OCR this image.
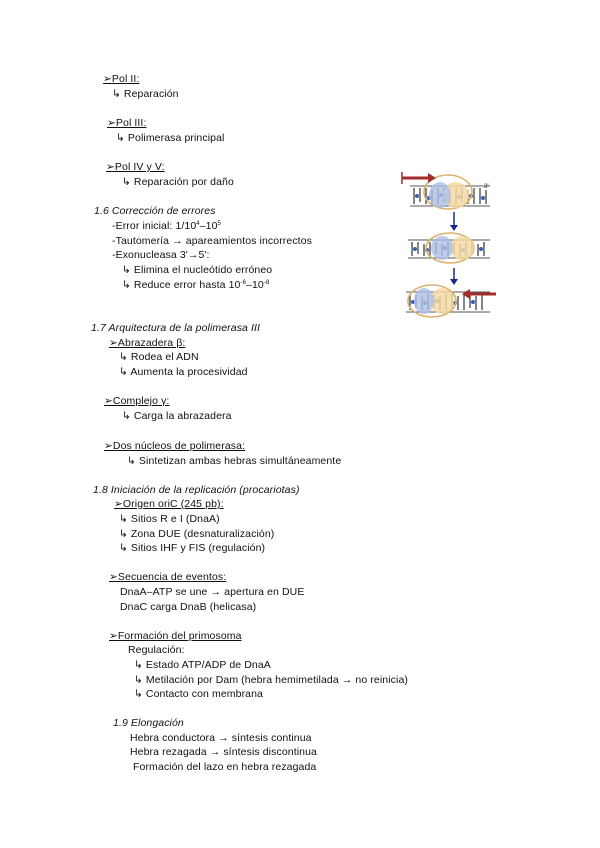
➢Pol II:
↳ Reparación
➢Pol III:
↳ Polimerasa principal
➢Pol IV y V:
↳ Reparación por daño
1.6 Corrección de errores
-Error inicial: $1/10^4-10^5$
-Tautomería → apareamientos incorrectos
-Exonucleasa 3'→5':
↳ Elimina el nucleótido erróneo
↳ Reduce error hasta $10^{-6}-10^{-8}$
3'
1.7 Arquitectura de la polimerasa III
➢Abrazadera β:
↳ Rodea el ADN
↳ Aumenta la procesividad
➢Complejo γ:
↳ Carga la abrazadera
➢Dos núcleos de polimerasa:
↳ Sintetizan ambas hebras simultáneamente
1.8 Iniciación de la replicación (procariotas)
➢Origen oriC (245 pb):
↳ Sitios R e I (DnaA)
↳ Zona DUE (desnaturalización)
↳ Sitios IHF y FIS (regulación)
➢Secuencia de eventos:
DnaA–ATP se une → apertura en DUE
DnaC carga DnaB (helicasa)
➢Formación del primosoma
Regulación:
↳ Estado ATP/ADP de DnaA
↳ Metilación por Dam (hebra hemimetilada → no reinicia)
↳ Contacto con membrana
1.9 Elongación
Hebra conductora → síntesis continua
Hebra rezagada → síntesis discontinua
Formación del lazo en hebra rezagada
